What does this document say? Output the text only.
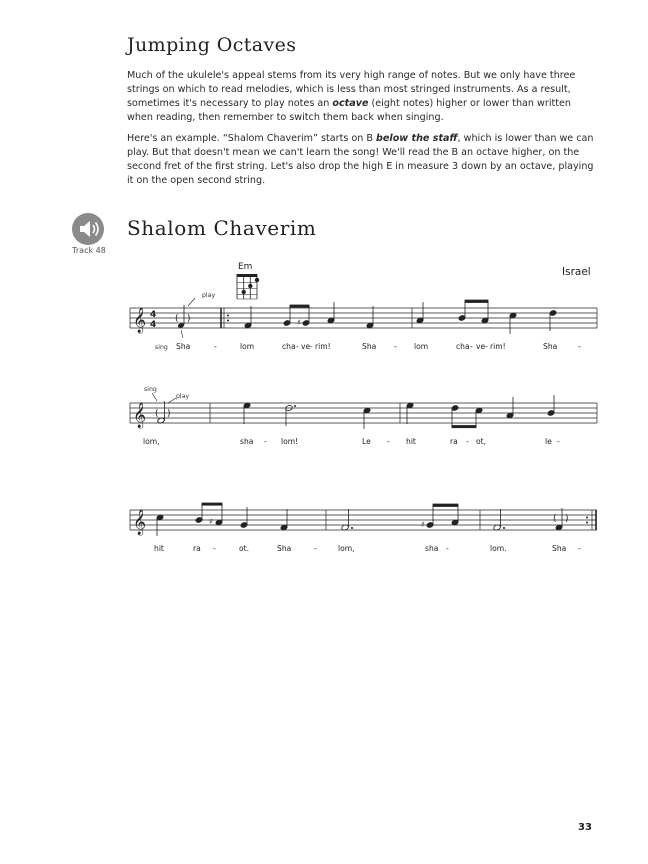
Jumping Octaves

Much of the ukulele's appeal stems from its very high range of notes. But we only have three strings on which to read melodies, which is less than most stringed instruments. As a result, sometimes it's necessary to play notes an octave (eight notes) higher or lower than written when reading, then remember to switch them back when singing.

Here's an example. “Shalom Chaverim” starts on B below the staff, which is lower than we can play. But that doesn't mean we can't learn the song! We'll read the B an octave higher, on the second fret of the first string. Let's also drop the high E in measure 3 down by an octave, playing it on the open second string.

Track 48

Shalom Chaverim

Israel

Em

𝄞 4
4
( )
play
sing
♯
Sha	-	lom	cha - ve - rim!	Sha - lom	cha - ve - rim!	Sha	-
𝄞 ( )
sing
play
lom,	sha - lom!	Le - hit	ra - ot,	le -
𝄞	♯	♯
( )
hit	ra -	ot.	Sha	-	lom,	sha -	lom.	Sha -

33
